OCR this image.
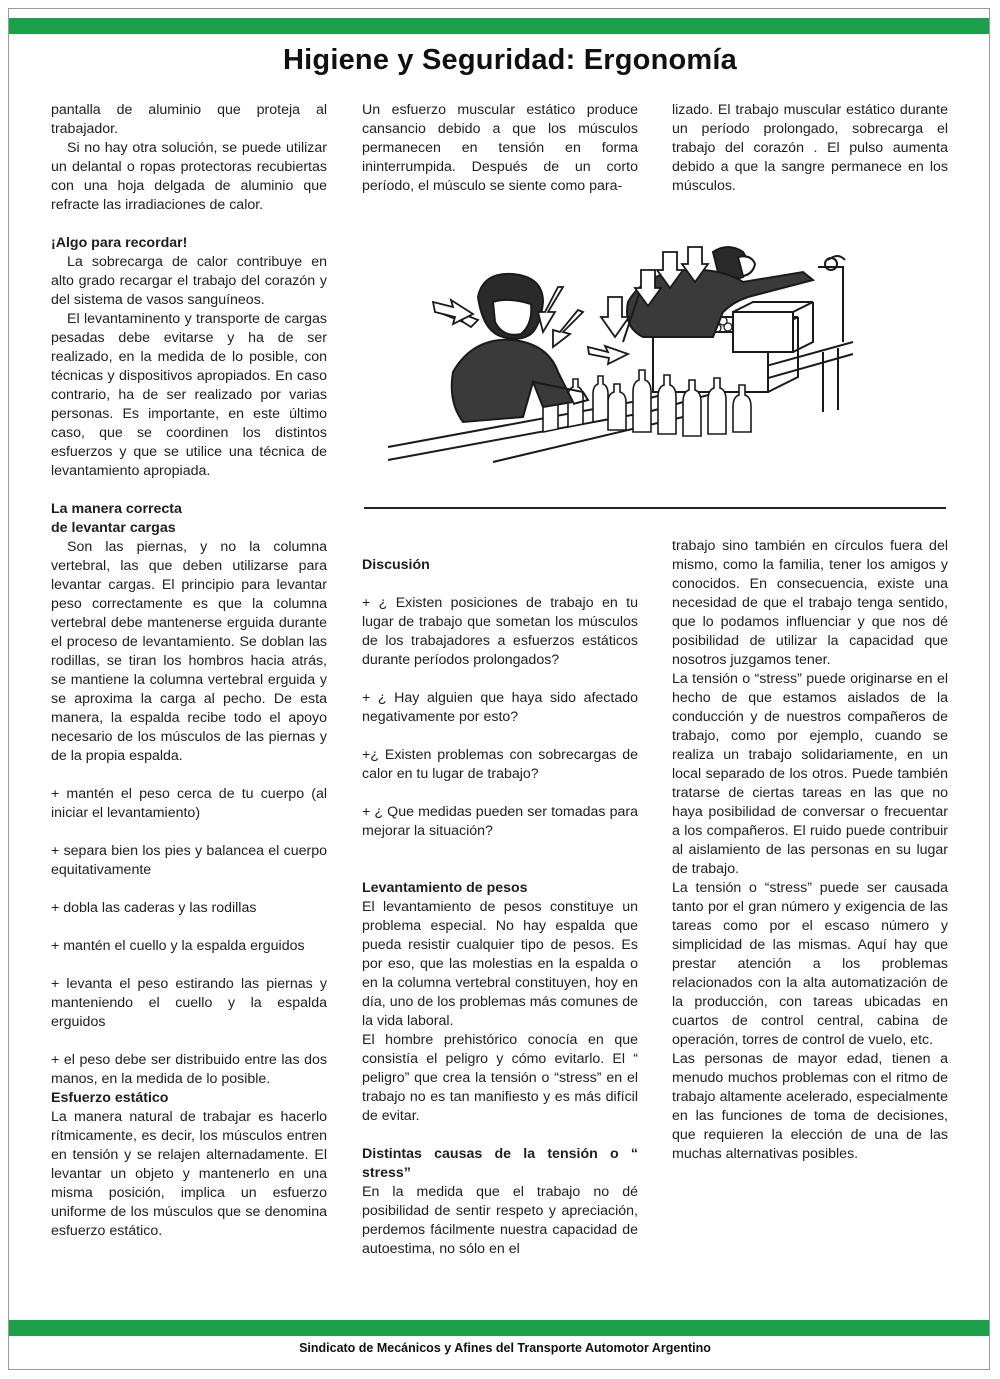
Higiene y Seguridad: Ergonomía

pantalla de aluminio que proteja al trabajador.

Si no hay otra solución, se puede utilizar un delantal o ropas protectoras recubiertas con una hoja delgada de aluminio que refracte las irradiaciones de calor.

¡Algo para recordar!

La sobrecarga de calor contribuye en alto grado recargar el trabajo del corazón y del sistema de vasos sanguíneos.

El levantaminento y transporte de cargas pesadas debe evitarse y ha de ser realizado, en la medida de lo posible, con técnicas y dispositivos apropiados. En caso contrario, ha de ser realizado por varias personas. Es importante, en este último caso, que se coordinen los distintos esfuerzos y que se utilice una técnica de levantamiento apropiada.

La manera correcta

de levantar cargas

Son las piernas, y no la columna vertebral, las que deben utilizarse para levantar cargas. El principio para levantar peso correctamente es que la columna vertebral debe mantenerse erguida durante el proceso de levantamiento. Se doblan las rodillas, se tiran los hombros hacia atrás, se mantiene la columna vertebral erguida y se aproxima la carga al pecho. De esta manera, la espalda recibe todo el apoyo necesario de los músculos de las piernas y de la propia espalda.

+ mantén el peso cerca de tu cuerpo (al iniciar el levantamiento)

+ separa bien los pies y balancea el cuerpo equitativamente

+ dobla las caderas y las rodillas

+ mantén el cuello y la espalda erguidos

+ levanta el peso estirando las piernas y manteniendo el cuello y la espalda erguidos

+ el peso debe ser distribuido entre las dos manos, en la medida de lo posible.

Esfuerzo estático

La manera natural de trabajar es hacerlo rítmicamente, es decir, los músculos entren en tensión y se relajen alternadamente. El levantar un objeto y mantenerlo en una misma posición, implica un esfuerzo uniforme de los músculos que se denomina esfuerzo estático.

Un esfuerzo muscular estático produce cansancio debido a que los músculos permanecen en tensión en forma ininterrumpida. Después de un corto período, el músculo se siente como para-

lizado. El trabajo muscular estático durante un período prolongado, sobrecarga el trabajo del corazón . El pulso aumenta debido a que la sangre permanece en los músculos.

Discusión

+ ¿ Existen posiciones de trabajo en tu lugar de trabajo que sometan los músculos de los trabajadores a esfuerzos estáticos durante períodos prolongados?

+ ¿ Hay alguien que haya sido afectado negativamente por esto?

+¿ Existen problemas con sobrecargas de calor en tu lugar de trabajo?

+ ¿ Que medidas pueden ser tomadas para mejorar la situación?

Levantamiento de pesos

El levantamiento de pesos constituye un problema especial. No hay espalda que pueda resistir cualquier tipo de pesos. Es por eso, que las molestias en la espalda o en la columna vertebral constituyen, hoy en día, uno de los problemas más comunes de la vida laboral.

El hombre prehistórico conocía en que consistía el peligro y cómo evitarlo. El “ peligro” que crea la tensión o “stress” en el trabajo no es tan manifiesto y es más difícil de evitar.

Distintas causas de la tensión o “ stress”

En la medida que el trabajo no dé posibilidad de sentir respeto y apreciación, perdemos fácilmente nuestra capacidad de autoestima, no sólo en el

trabajo sino también en círculos fuera del mismo, como la familia, tener los amigos y conocidos. En consecuencia, existe una necesidad de que el trabajo tenga sentido, que lo podamos influenciar y que nos dé posibilidad de utilizar la capacidad que nosotros juzgamos tener.

La tensión o “stress” puede originarse en el hecho de que estamos aislados de la conducción y de nuestros compañeros de trabajo, como por ejemplo, cuando se realiza un trabajo solidariamente, en un local separado de los otros. Puede también tratarse de ciertas tareas en las que no haya posibilidad de conversar o frecuentar a los compañeros. El ruido puede contribuir al aislamiento de las personas en su lugar de trabajo.

La tensión o “stress” puede ser causada tanto por el gran número y exigencia de las tareas como por el escaso número y simplicidad de las mismas. Aquí hay que prestar atención a los problemas relacionados con la alta automatización de la producción, con tareas ubicadas en cuartos de control central, cabina de operación, torres de control de vuelo, etc.

Las personas de mayor edad, tienen a menudo muchos problemas con el ritmo de trabajo altamente acelerado, especialmente en las funciones de toma de decisiones, que requieren la elección de una de las muchas alternativas posibles.

Sindicato de Mecánicos y Afines del Transporte Automotor Argentino
